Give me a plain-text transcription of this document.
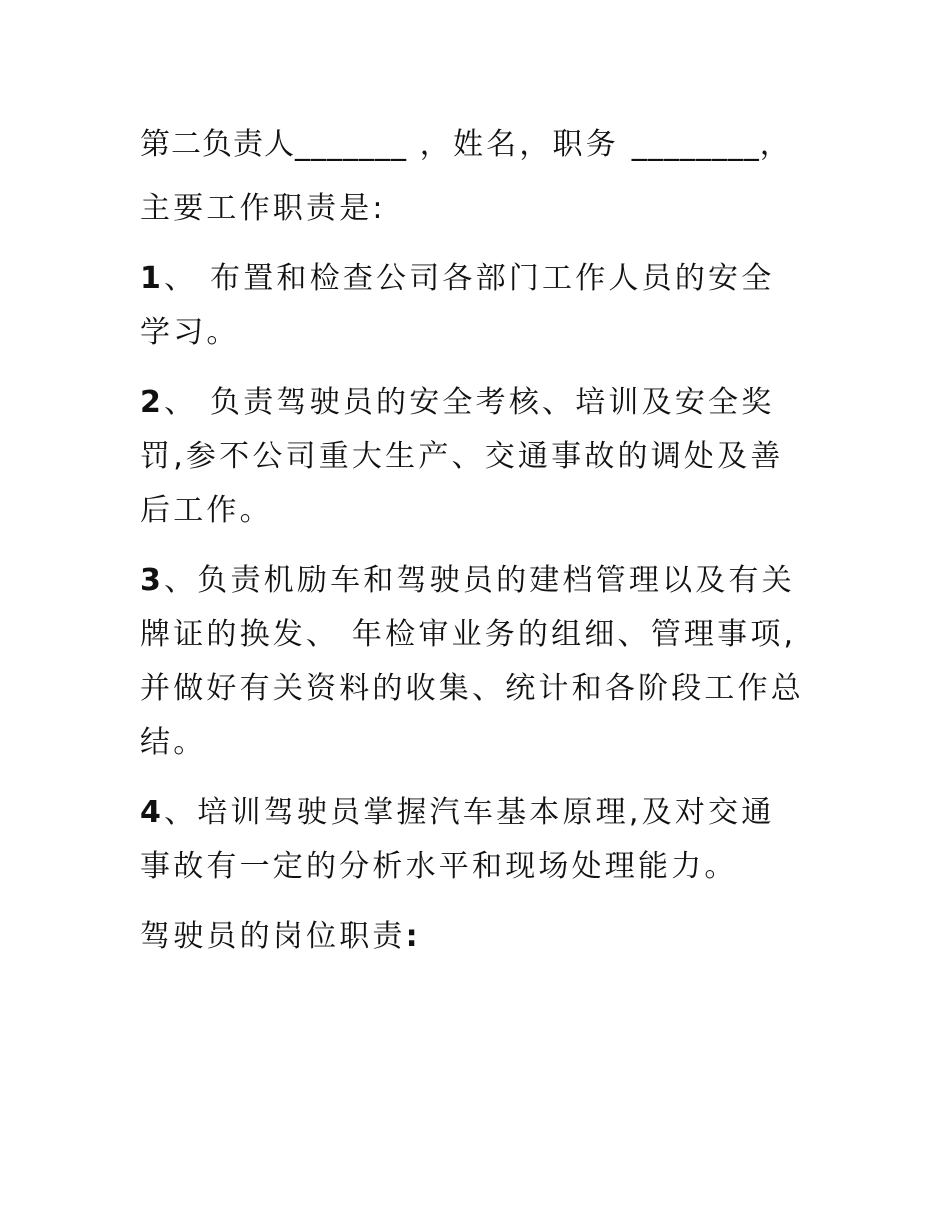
第二负责人_______ ，姓名，职务 ________，

主要工作职责是:

1、 布置和检查公司各部门工作人员的安全学习。

2、 负责驾驶员的安全考核、培训及安全奖罚,参不公司重大生产、交通事故的调处及善后工作。

3、负责机励车和驾驶员的建档管理以及有关牌证的换发、 年检审业务的组细、管理事项,并做好有关资料的收集、统计和各阶段工作总结。

4、培训驾驶员掌握汽车基本原理,及对交通事故有一定的分析水平和现场处理能力。

驾驶员的岗位职责:
